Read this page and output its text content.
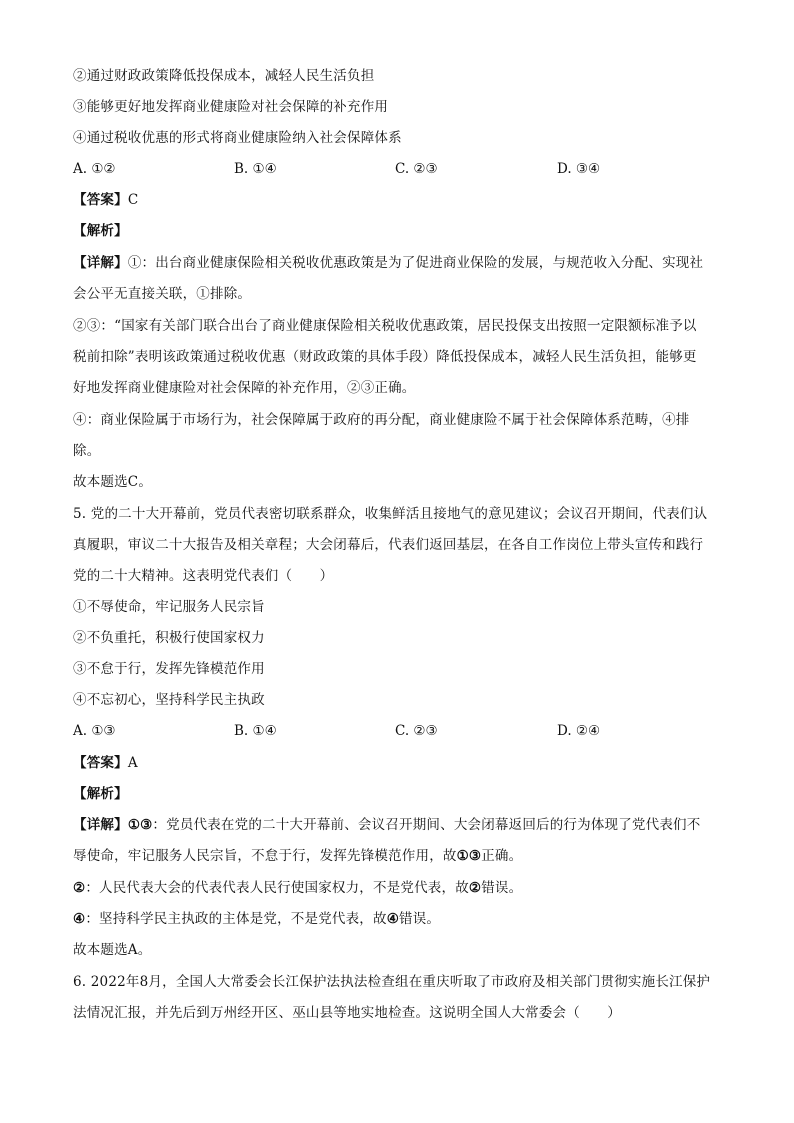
②通过财政政策降低投保成本，减轻人民生活负担
③能够更好地发挥商业健康险对社会保障的补充作用
④通过税收优惠的形式将商业健康险纳入社会保障体系
A. ①②	B. ①④	C. ②③	D. ③④
【答案】C
【解析】
【详解】①：出台商业健康保险相关税收优惠政策是为了促进商业保险的发展，与规范收入分配、实现社
会公平无直接关联，①排除。
②③：“国家有关部门联合出台了商业健康保险相关税收优惠政策，居民投保支出按照一定限额标准予以
税前扣除”表明该政策通过税收优惠（财政政策的具体手段）降低投保成本，减轻人民生活负担，能够更
好地发挥商业健康险对社会保障的补充作用，②③正确。
④：商业保险属于市场行为，社会保障属于政府的再分配，商业健康险不属于社会保障体系范畴，④排
除。
故本题选C。
5. 党的二十大开幕前，党员代表密切联系群众，收集鲜活且接地气的意见建议；会议召开期间，代表们认
真履职，审议二十大报告及相关章程；大会闭幕后，代表们返回基层，在各自工作岗位上带头宣传和践行
党的二十大精神。这表明党代表们（　　）
①不辱使命，牢记服务人民宗旨
②不负重托，积极行使国家权力
③不怠于行，发挥先锋模范作用
④不忘初心，坚持科学民主执政
A. ①③	B. ①④	C. ②③	D. ②④
【答案】A
【解析】
【详解】①③：党员代表在党的二十大开幕前、会议召开期间、大会闭幕返回后的行为体现了党代表们不
辱使命，牢记服务人民宗旨，不怠于行，发挥先锋模范作用，故①③正确。
②：人民代表大会的代表代表人民行使国家权力，不是党代表，故②错误。
④：坚持科学民主执政的主体是党，不是党代表，故④错误。
故本题选A。
6. 2022年8月，全国人大常委会长江保护法执法检查组在重庆听取了市政府及相关部门贯彻实施长江保护
法情况汇报，并先后到万州经开区、巫山县等地实地检查。这说明全国人大常委会（　　）
